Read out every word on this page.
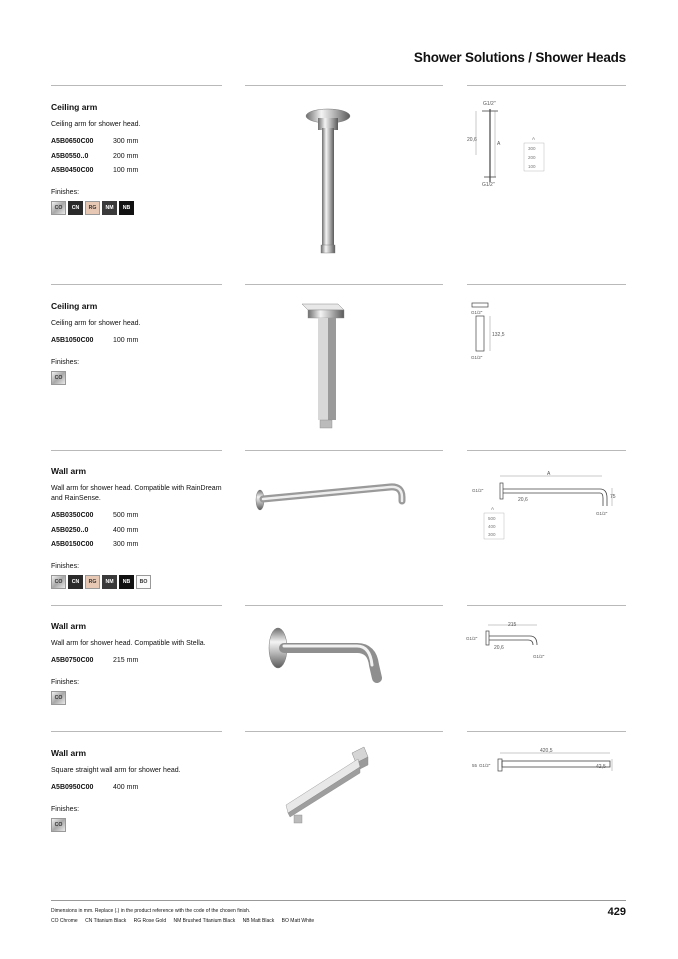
Shower Solutions / Shower Heads
Ceiling arm
Ceiling arm for shower head.
A5B0650C00	300 mm
A5B0550..0	200 mm
A5B0450C00	100 mm
Finishes:
CO	CN	RG	NM	NB
G1/2"
20,6
A
G1/2"
A
300
200
100
Ceiling arm
Ceiling arm for shower head.
A5B1050C00	100 mm
Finishes:
CO
G1/2"
132,5
G1/2"
Wall arm
Wall arm for shower head. Compatible with RainDream and RainSense.
A5B0350C00	500 mm
A5B0250..0	400 mm
A5B0150C00	300 mm
Finishes:
CO	CN	RG	NM	NB	BO
A
G1/2"
20,6	75
G1/2"
A
500
400
300
Wall arm
Wall arm for shower head. Compatible with Stella.
A5B0750C00	215 mm
Finishes:
CO
215
G1/2"
20,6
G1/2"
Wall arm
Square straight wall arm for shower head.
A5B0950C00	400 mm
Finishes:
CO
420,5
55 G1/2"	42,5
Dimensions in mm. Replace (.) in the product reference with the code of the chosen finish.
CO Chrome CN Titanium Black RG Rose Gold NM Brushed Titanium Black NB Matt Black BO Matt White
429
